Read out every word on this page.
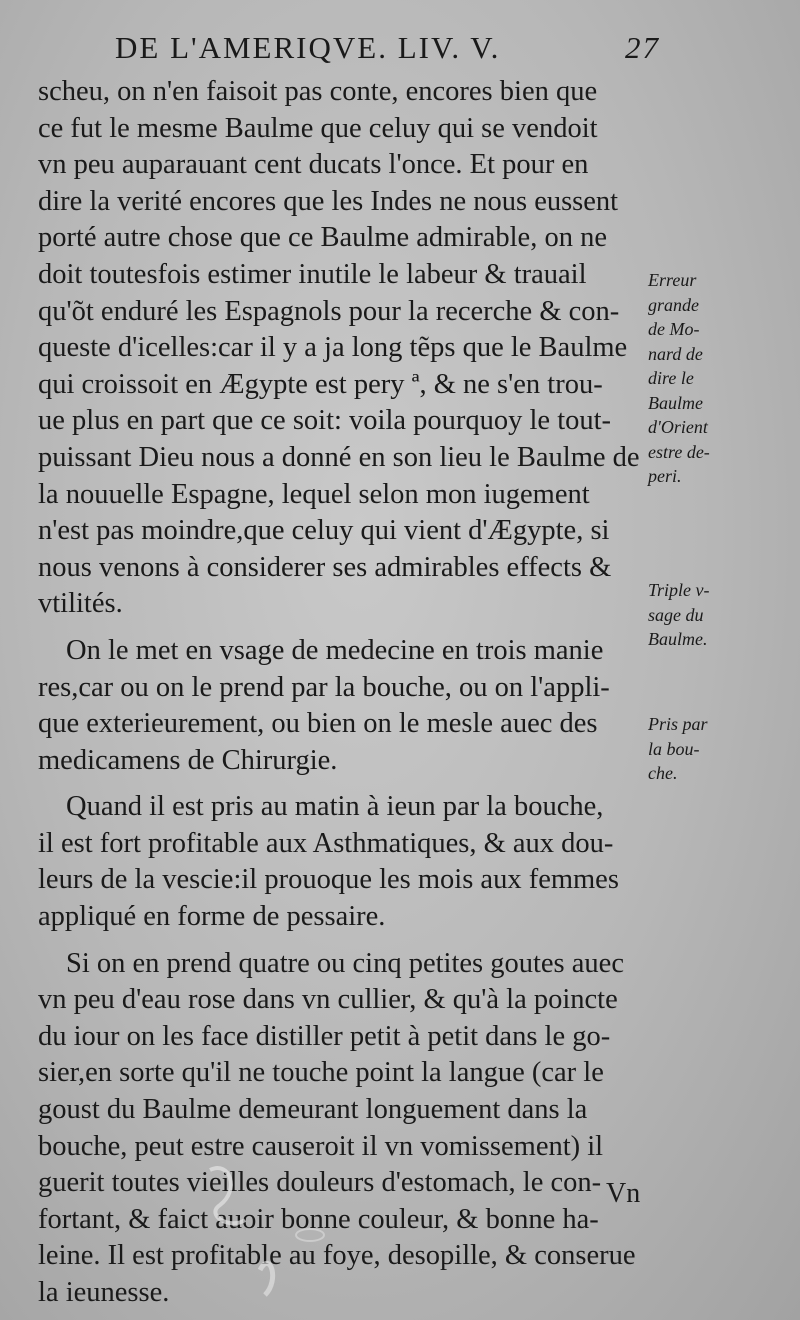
DE L'AMERIQVE. LIV. V.	27
scheu, on n'en faisoit pas conte, encores bien que
ce fut le mesme Baulme que celuy qui se vendoit
vn peu auparauant cent ducats l'once. Et pour en
dire la verité encores que les Indes ne nous eussent
porté autre chose que ce Baulme admirable, on ne
doit toutesfois estimer inutile le labeur & trauail
qu'õt enduré les Espagnols pour la recerche & con-
queste d'icelles:car il y a ja long tẽps que le Baulme
qui croissoit en Ægypte est pery ª, & ne s'en trou-
ue plus en part que ce soit: voila pourquoy le tout-
puissant Dieu nous a donné en son lieu le Baulme de
la nouuelle Espagne, lequel selon mon iugement
n'est pas moindre,que celuy qui vient d'Ægypte, si
nous venons à considerer ses admirables effects &
vtilités.
On le met en vsage de medecine en trois manie
res,car ou on le prend par la bouche, ou on l'appli-
que exterieurement, ou bien on le mesle auec des
medicamens de Chirurgie.
Quand il est pris au matin à ieun par la bouche,
il est fort profitable aux Asthmatiques, & aux dou-
leurs de la vescie:il prouoque les mois aux femmes
appliqué en forme de pessaire.
Si on en prend quatre ou cinq petites goutes auec
vn peu d'eau rose dans vn cullier, & qu'à la poincte
du iour on les face distiller petit à petit dans le go-
sier,en sorte qu'il ne touche point la langue (car le
goust du Baulme demeurant longuement dans la
bouche, peut estre causeroit il vn vomissement) il
guerit toutes vieilles douleurs d'estomach, le con-
fortant, & faict auoir bonne couleur, & bonne ha-
leine. Il est profitable au foye, desopille, & conserue
la ieunesse.
Erreur
grande
de Mo-
nard de
dire le
Baulme
d'Orient
estre de-
peri.
Triple v-
sage du
Baulme.
Pris par
la bou-
che.
Vn
